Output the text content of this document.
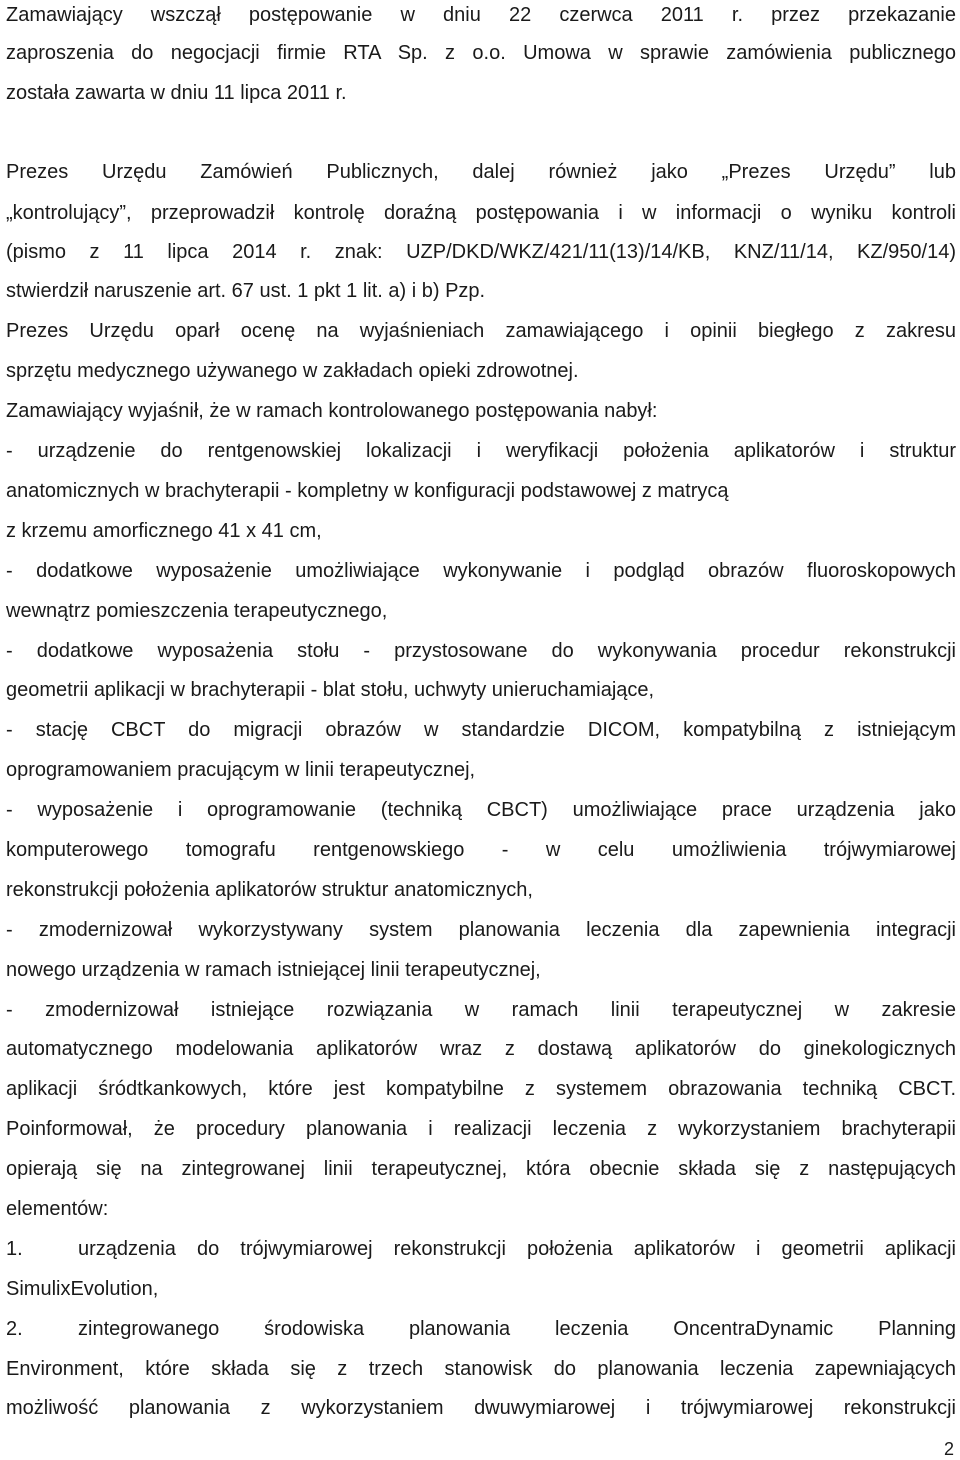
Zamawiający wszczął postępowanie w dniu 22 czerwca 2011 r. przez przekazanie
zaproszenia do negocjacji firmie RTA Sp. z o.o. Umowa w sprawie zamówienia publicznego
została zawarta w dniu 11 lipca 2011 r.
Prezes Urzędu Zamówień Publicznych, dalej również jako „Prezes Urzędu” lub
„kontrolujący”, przeprowadził kontrolę doraźną postępowania i w informacji o wyniku kontroli
(pismo z 11 lipca 2014 r. znak: UZP/DKD/WKZ/421/11(13)/14/KB, KNZ/11/14, KZ/950/14)
stwierdził naruszenie art. 67 ust. 1 pkt 1 lit. a) i b) Pzp.
Prezes Urzędu oparł ocenę na wyjaśnieniach zamawiającego i opinii biegłego z zakresu
sprzętu medycznego używanego w zakładach opieki zdrowotnej.
Zamawiający wyjaśnił, że w ramach kontrolowanego postępowania nabył:
- urządzenie do rentgenowskiej lokalizacji i weryfikacji położenia aplikatorów i struktur
anatomicznych w brachyterapii - kompletny w konfiguracji podstawowej z matrycą
z krzemu amorficznego 41 x 41 cm,
- dodatkowe wyposażenie umożliwiające wykonywanie i podgląd obrazów fluoroskopowych
wewnątrz pomieszczenia terapeutycznego,
- dodatkowe wyposażenia stołu - przystosowane do wykonywania procedur rekonstrukcji
geometrii aplikacji w brachyterapii - blat stołu, uchwyty unieruchamiające,
- stację CBCT do migracji obrazów w standardzie DICOM, kompatybilną z istniejącym
oprogramowaniem pracującym w linii terapeutycznej,
- wyposażenie i oprogramowanie (techniką CBCT) umożliwiające prace urządzenia jako
komputerowego tomografu rentgenowskiego - w celu umożliwienia trójwymiarowej
rekonstrukcji położenia aplikatorów struktur anatomicznych,
- zmodernizował wykorzystywany system planowania leczenia dla zapewnienia integracji
nowego urządzenia w ramach istniejącej linii terapeutycznej,
- zmodernizował istniejące rozwiązania w ramach linii terapeutycznej w zakresie
automatycznego modelowania aplikatorów wraz z dostawą aplikatorów do ginekologicznych
aplikacji śródtkankowych, które jest kompatybilne z systemem obrazowania techniką CBCT.
Poinformował, że procedury planowania i realizacji leczenia z wykorzystaniem brachyterapii
opierają się na zintegrowanej linii terapeutycznej, która obecnie składa się z następujących
elementów:
1.	urządzenia do trójwymiarowej rekonstrukcji położenia aplikatorów i geometrii aplikacji
SimulixEvolution,
2.	zintegrowanego środowiska planowania leczenia OncentraDynamic Planning
Environment, które składa się z trzech stanowisk do planowania leczenia zapewniających
możliwość planowania z wykorzystaniem dwuwymiarowej i trójwymiarowej rekonstrukcji
2
